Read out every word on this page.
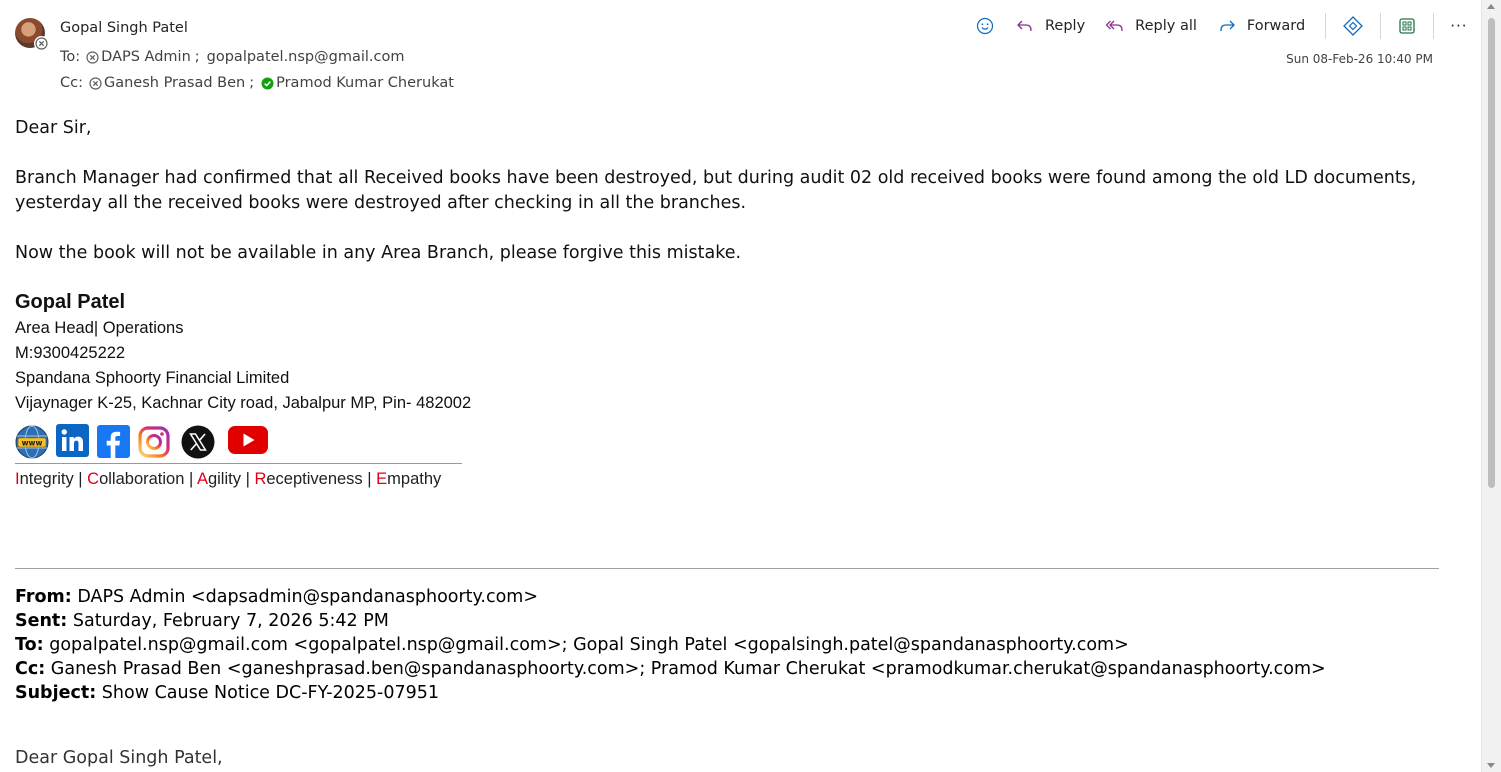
Gopal Singh Patel
To: DAPS Admin ; gopalpatel.nsp@gmail.com
Cc: Ganesh Prasad Ben ; Pramod Kumar Cherukat
Reply	Reply all	Forward	···
Sun 08-Feb-26 10:40 PM

Dear Sir,

Branch Manager had confirmed that all Received books have been destroyed, but during audit 02 old received books were found among the old LD documents, yesterday all the received books were destroyed after checking in all the branches.

Now the book will not be available in any Area Branch, please forgive this mistake.

Gopal Patel
Area Head| Operations
M:9300425222
Spandana Sphoorty Financial Limited
Vijaynager K-25, Kachnar City road, Jabalpur MP, Pin- 482002
www
Integrity | Collaboration | Agility | Receptiveness | Empathy
From: DAPS Admin <dapsadmin@spandanasphoorty.com>
Sent: Saturday, February 7, 2026 5:42 PM
To: gopalpatel.nsp@gmail.com <gopalpatel.nsp@gmail.com>; Gopal Singh Patel <gopalsingh.patel@spandanasphoorty.com>
Cc: Ganesh Prasad Ben <ganeshprasad.ben@spandanasphoorty.com>; Pramod Kumar Cherukat <pramodkumar.cherukat@spandanasphoorty.com>
Subject: Show Cause Notice DC-FY-2025-07951
Dear Gopal Singh Patel,
